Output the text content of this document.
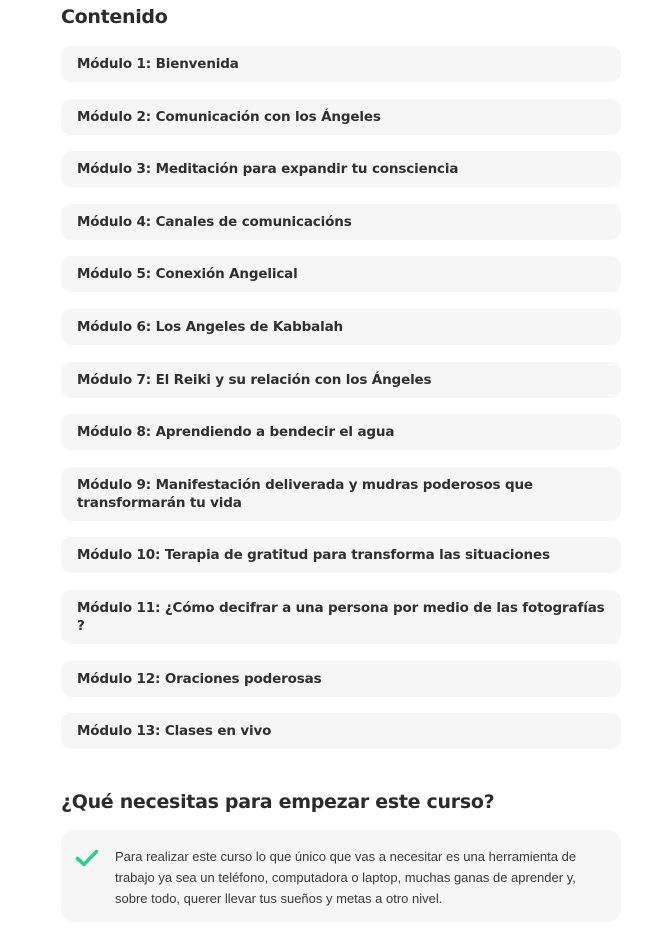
Contenido
Módulo 1: Bienvenida
Módulo 2: Comunicación con los Ángeles
Módulo 3: Meditación para expandir tu consciencia
Módulo 4: Canales de comunicacións
Módulo 5: Conexión Angelical
Módulo 6: Los Angeles de Kabbalah
Módulo 7: El Reiki y su relación con los Ángeles
Módulo 8: Aprendiendo a bendecir el agua
Módulo 9: Manifestación deliverada y mudras poderosos que transformarán tu vida
Módulo 10: Terapia de gratitud para transforma las situaciones
Módulo 11: ¿Cómo decifrar a una persona por medio de las fotografías ?
Módulo 12: Oraciones poderosas
Módulo 13: Clases en vivo
¿Qué necesitas para empezar este curso?

Para realizar este curso lo que único que vas a necesitar es una herramienta de trabajo ya sea un teléfono, computadora o laptop, muchas ganas de aprender y, sobre todo, querer llevar tus sueños y metas a otro nivel.
